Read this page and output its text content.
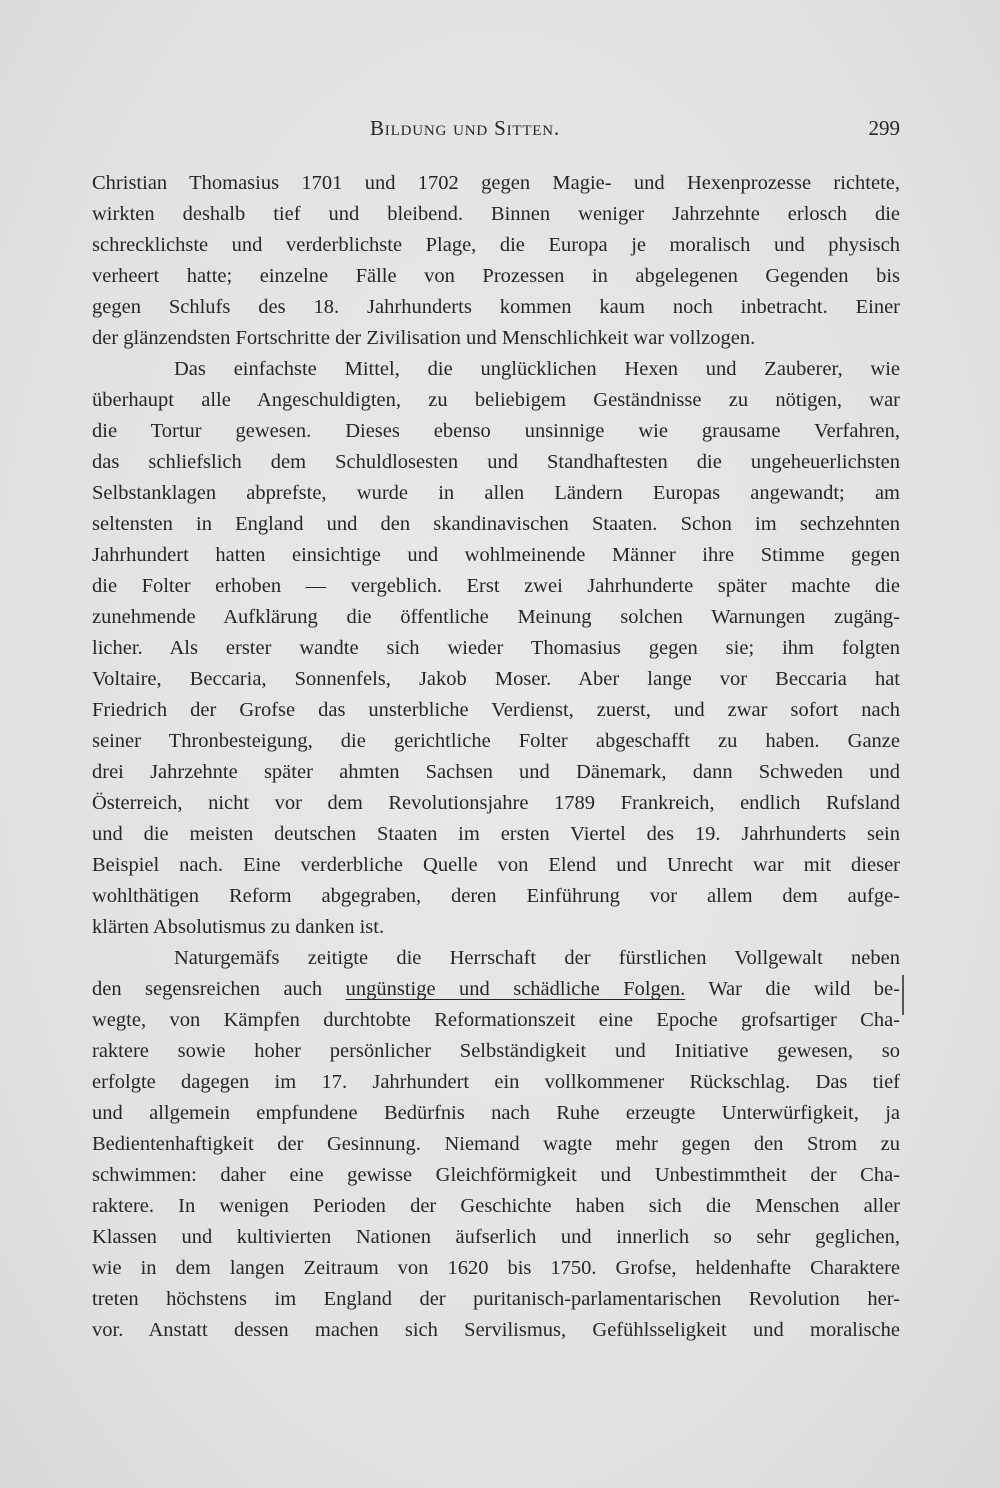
Bildung und Sitten.	299
Christian Thomasius 1701 und 1702 gegen Magie- und Hexenprozesse richtete,
wirkten deshalb tief und bleibend. Binnen weniger Jahrzehnte erlosch die
schrecklichste und verderblichste Plage, die Europa je moralisch und physisch
verheert hatte; einzelne Fälle von Prozessen in abgelegenen Gegenden bis
gegen Schlufs des 18. Jahrhunderts kommen kaum noch inbetracht. Einer
der glänzendsten Fortschritte der Zivilisation und Menschlichkeit war vollzogen.
Das einfachste Mittel, die unglücklichen Hexen und Zauberer, wie
überhaupt alle Angeschuldigten, zu beliebigem Geständnisse zu nötigen, war
die Tortur gewesen. Dieses ebenso unsinnige wie grausame Verfahren,
das schliefslich dem Schuldlosesten und Standhaftesten die ungeheuerlichsten
Selbstanklagen abprefste, wurde in allen Ländern Europas angewandt; am
seltensten in England und den skandinavischen Staaten. Schon im sechzehnten
Jahrhundert hatten einsichtige und wohlmeinende Männer ihre Stimme gegen
die Folter erhoben — vergeblich. Erst zwei Jahrhunderte später machte die
zunehmende Aufklärung die öffentliche Meinung solchen Warnungen zugäng-
licher. Als erster wandte sich wieder Thomasius gegen sie; ihm folgten
Voltaire, Beccaria, Sonnenfels, Jakob Moser. Aber lange vor Beccaria hat
Friedrich der Grofse das unsterbliche Verdienst, zuerst, und zwar sofort nach
seiner Thronbesteigung, die gerichtliche Folter abgeschafft zu haben. Ganze
drei Jahrzehnte später ahmten Sachsen und Dänemark, dann Schweden und
Österreich, nicht vor dem Revolutionsjahre 1789 Frankreich, endlich Rufsland
und die meisten deutschen Staaten im ersten Viertel des 19. Jahrhunderts sein
Beispiel nach. Eine verderbliche Quelle von Elend und Unrecht war mit dieser
wohlthätigen Reform abgegraben, deren Einführung vor allem dem aufge-
klärten Absolutismus zu danken ist.
Naturgemäfs zeitigte die Herrschaft der fürstlichen Vollgewalt neben
den segensreichen auch ungünstige und schädliche Folgen. War die wild be-
wegte, von Kämpfen durchtobte Reformationszeit eine Epoche grofsartiger Cha-
raktere sowie hoher persönlicher Selbständigkeit und Initiative gewesen, so
erfolgte dagegen im 17. Jahrhundert ein vollkommener Rückschlag. Das tief
und allgemein empfundene Bedürfnis nach Ruhe erzeugte Unterwürfigkeit, ja
Bedientenhaftigkeit der Gesinnung. Niemand wagte mehr gegen den Strom zu
schwimmen: daher eine gewisse Gleichförmigkeit und Unbestimmtheit der Cha-
raktere. In wenigen Perioden der Geschichte haben sich die Menschen aller
Klassen und kultivierten Nationen äufserlich und innerlich so sehr geglichen,
wie in dem langen Zeitraum von 1620 bis 1750. Grofse, heldenhafte Charaktere
treten höchstens im England der puritanisch-parlamentarischen Revolution her-
vor. Anstatt dessen machen sich Servilismus, Gefühlsseligkeit und moralische
